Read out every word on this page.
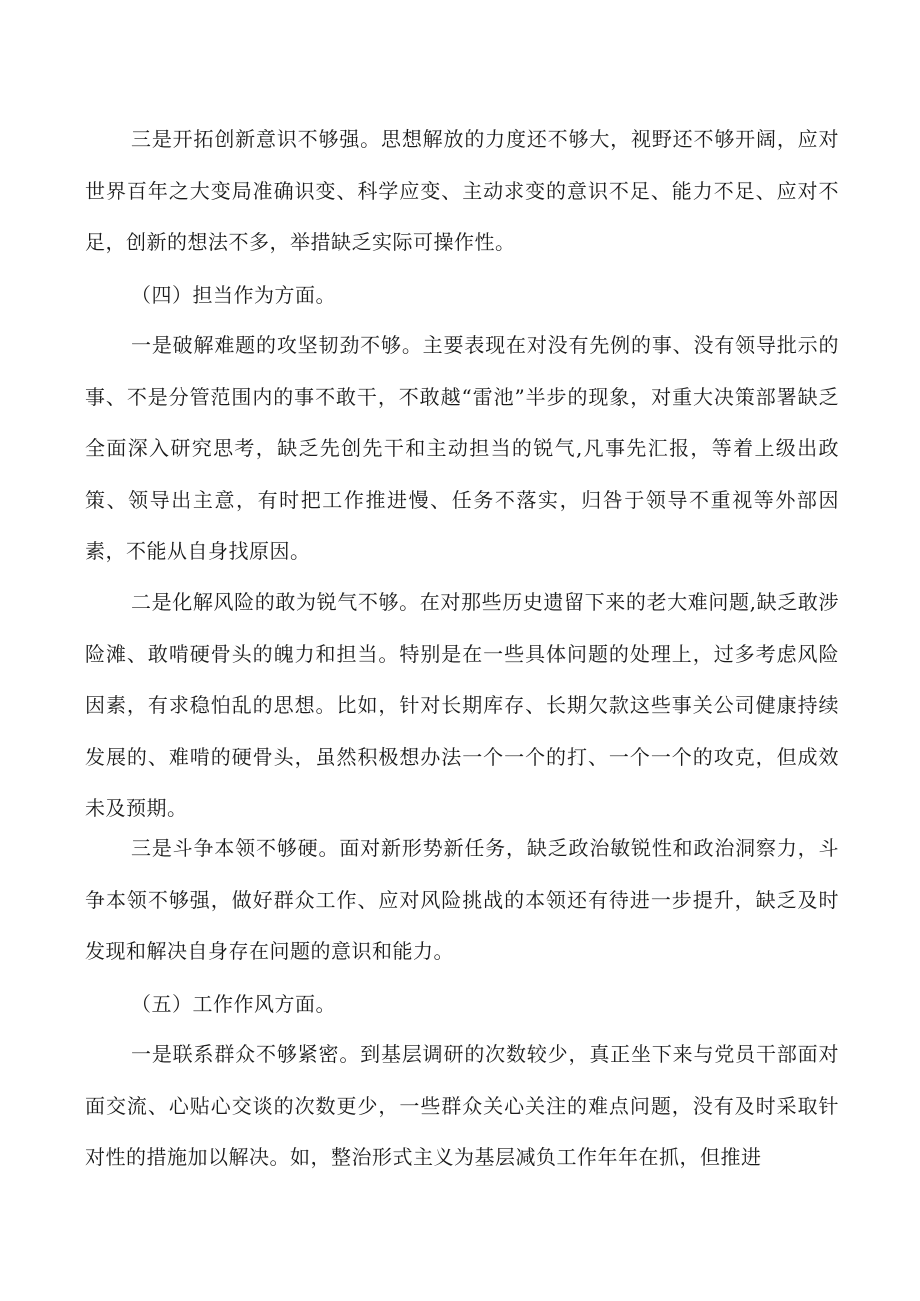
三是开拓创新意识不够强。思想解放的力度还不够大，视野还不够开阔，应对世界百年之大变局准确识变、科学应变、主动求变的意识不足、能力不足、应对不足，创新的想法不多，举措缺乏实际可操作性。

（四）担当作为方面。

一是破解难题的攻坚韧劲不够。主要表现在对没有先例的事、没有领导批示的事、不是分管范围内的事不敢干，不敢越“雷池”半步的现象，对重大决策部署缺乏全面深入研究思考，缺乏先创先干和主动担当的锐气,凡事先汇报，等着上级出政策、领导出主意，有时把工作推进慢、任务不落实，归咎于领导不重视等外部因素，不能从自身找原因。

二是化解风险的敢为锐气不够。在对那些历史遗留下来的老大难问题,缺乏敢涉险滩、敢啃硬骨头的魄力和担当。特别是在一些具体问题的处理上，过多考虑风险因素，有求稳怕乱的思想。比如，针对长期库存、长期欠款这些事关公司健康持续发展的、难啃的硬骨头，虽然积极想办法一个一个的打、一个一个的攻克，但成效未及预期。

三是斗争本领不够硬。面对新形势新任务，缺乏政治敏锐性和政治洞察力，斗争本领不够强，做好群众工作、应对风险挑战的本领还有待进一步提升，缺乏及时发现和解决自身存在问题的意识和能力。

（五）工作作风方面。

一是联系群众不够紧密。到基层调研的次数较少，真正坐下来与党员干部面对面交流、心贴心交谈的次数更少，一些群众关心关注的难点问题，没有及时采取针对性的措施加以解决。如，整治形式主义为基层减负工作年年在抓，但推进
